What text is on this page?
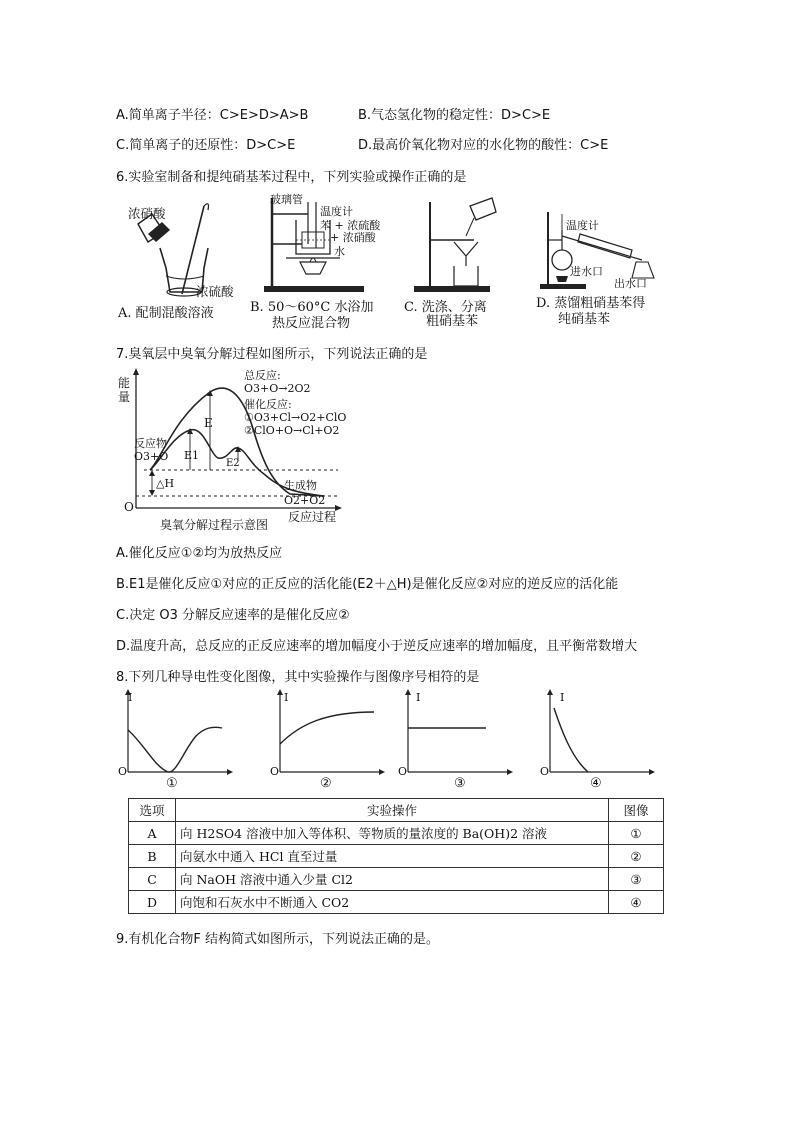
A.简单离子半径：C>E>D>A>B	B.气态氢化物的稳定性：D>C>E
C.简单离子的还原性：D>C>E	D.最高价氧化物对应的水化物的酸性：C>E
6.实验室制备和提纯硝基苯过程中，下列实验或操作正确的是
浓硝酸
浓硫酸
A. 配制混酸溶液
玻璃管
温度计
苯 + 浓硫酸
+ 浓硝酸
水
B. 50～60°C 水浴加
热反应混合物
C. 洗涤、分离
粗硝基苯
温度计
进水口
出水口
D. 蒸馏粗硝基苯得
纯硝基苯
7.臭氧层中臭氧分解过程如图所示，下列说法正确的是
能
量
O
反应过程
总反应:
O3+O→2O2
催化反应:
①O3+Cl→O2+ClO
②ClO+O→Cl+O2
反应物
O3+O
生成物 O2+O2
E
E1
E2
△H
臭氧分解过程示意图
A.催化反应①②均为放热反应
B.E1是催化反应①对应的正反应的活化能(E2＋△H)是催化反应②对应的逆反应的活化能
C.决定 O3 分解反应速率的是催化反应②
D.温度升高，总反应的正反应速率的增加幅度小于逆反应速率的增加幅度，且平衡常数增大
8.下列几种导电性变化图像，其中实验操作与图像序号相符的是
I
O
①
I
O
②
I
O
③
I
O
④
选项	实验操作	图像
A	向 H2SO4 溶液中加入等体积、等物质的量浓度的 Ba(OH)2 溶液	①
B	向氨水中通入 HCl 直至过量	②
C	向 NaOH 溶液中通入少量 Cl2	③
D	向饱和石灰水中不断通入 CO2	④
9.有机化合物F 结构简式如图所示，下列说法正确的是。
